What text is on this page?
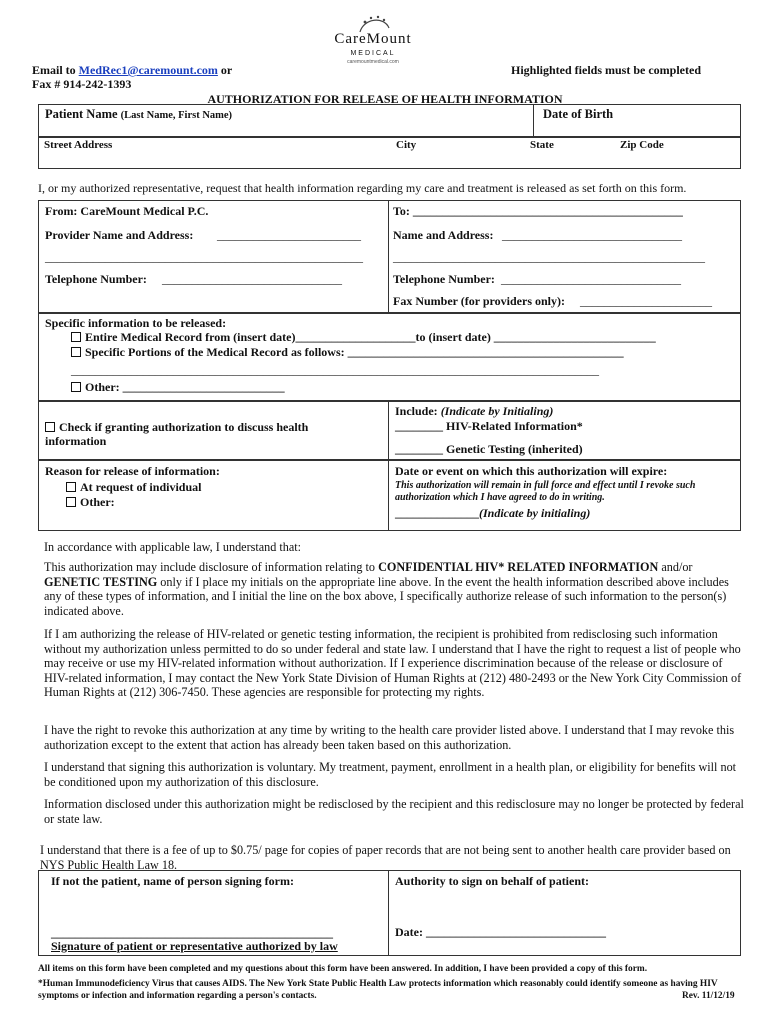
CareMount
MEDICAL
caremountmedical.com
Email to MedRec1@caremount.com or
Fax # 914-242-1393
Highlighted fields must be completed
AUTHORIZATION FOR RELEASE OF HEALTH INFORMATION
Patient Name (Last Name, First Name)	Date of Birth
Street Address	City	State	Zip Code
I, or my authorized representative, request that health information regarding my care and treatment is released as set forth on this form.
From: CareMount Medical P.C.	To: _____________________________________________
Provider Name and Address: ________________________
_____________________________________________________
Name and Address: ______________________________
____________________________________________________
Telephone Number: ______________________________	Telephone Number: ______________________________
Fax Number (for providers only): ______________________
Specific information to be released:
Entire Medical Record from (insert date)____________________to (insert date) ___________________________
Specific Portions of the Medical Record as follows: ______________________________________________
________________________________________________________________________________________
Other: ___________________________
Check if granting authorization to discuss health information
Include: (Indicate by Initialing)
________ HIV-Related Information*
________ Genetic Testing (inherited)
Reason for release of information:
At request of individual
Other:
Date or event on which this authorization will expire:
This authorization will remain in full force and effect until I revoke such authorization which I have agreed to do in writing.
______________(Indicate by initialing)
In accordance with applicable law, I understand that:
This authorization may include disclosure of information relating to CONFIDENTIAL HIV* RELATED INFORMATION and/or GENETIC TESTING only if I place my initials on the appropriate line above. In the event the health information described above includes any of these types of information, and I initial the line on the box above, I specifically authorize release of such information to the person(s) indicated above.
If I am authorizing the release of HIV-related or genetic testing information, the recipient is prohibited from redisclosing such information without my authorization unless permitted to do so under federal and state law. I understand that I have the right to request a list of people who may receive or use my HIV-related information without authorization. If I experience discrimination because of the release or disclosure of HIV-related information, I may contact the New York State Division of Human Rights at (212) 480-2493 or the New York City Commission of Human Rights at (212) 306-7450. These agencies are responsible for protecting my rights.
I have the right to revoke this authorization at any time by writing to the health care provider listed above. I understand that I may revoke this authorization except to the extent that action has already been taken based on this authorization.
I understand that signing this authorization is voluntary. My treatment, payment, enrollment in a health plan, or eligibility for benefits will not be conditioned upon my authorization of this disclosure.
Information disclosed under this authorization might be redisclosed by the recipient and this redisclosure may no longer be protected by federal or state law.
I understand that there is a fee of up to $0.75/ page for copies of paper records that are not being sent to another health care provider based on NYS Public Health Law 18.
If not the patient, name of person signing form:	Authority to sign on behalf of patient:
_______________________________________________
Signature of patient or representative authorized by law
Date: ______________________________
All items on this form have been completed and my questions about this form have been answered. In addition, I have been provided a copy of this form.
*Human Immunodeficiency Virus that causes AIDS. The New York State Public Health Law protects information which reasonably could identify someone as having HIV symptoms or infection and information regarding a person's contacts.	Rev. 11/12/19
